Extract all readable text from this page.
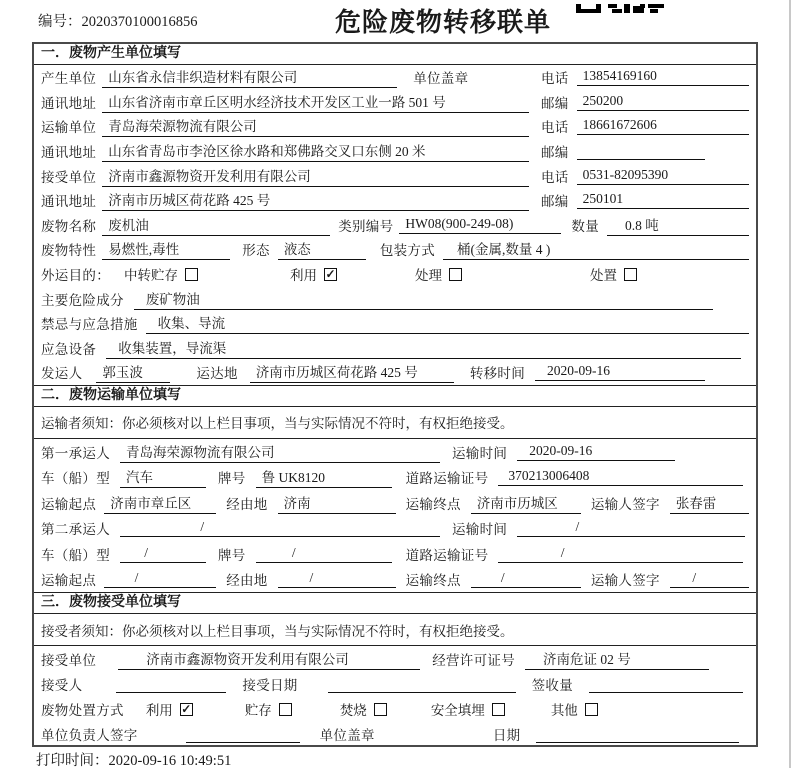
编号：2020370100016856	危险废物转移联单
一．废物产生单位填写
产生单位 山东省永信非织造材料有限公司	单位盖章	电话	13854169160
通讯地址 山东省济南市章丘区明水经济技术开发区工业一路 501 号	邮编	250200
运输单位 青岛海荣源物流有限公司	电话	18661672606
通讯地址 山东省青岛市李沧区徐水路和郑佛路交叉口东侧 20 米	邮编
接受单位 济南市鑫源物资开发利用有限公司	电话	0531-82095390
通讯地址 济南市历城区荷花路 425 号	邮编	250101
废物名称 废机油	类别编号 HW08(900-249-08)	数量	0.8 吨
废物特性 易燃性,毒性	形态	液态	包装方式	桶(金属,数量 4 )
外运目的： 中转贮存	利用 ✓	处理	处置
主要危险成分	废矿物油
禁忌与应急措施	收集、导流
应急设备	收集装置，导流渠
发运人	郭玉波	运达地	济南市历城区荷花路 425 号	转移时间	2020-09-16
二．废物运输单位填写
运输者须知：你必须核对以上栏目事项，当与实际情况不符时，有权拒绝接受。
第一承运人	青岛海荣源物流有限公司	运输时间	2020-09-16
车（船）型	汽车	牌号	鲁 UK8120	道路运输证号	370213006408
运输起点	济南市章丘区	经由地	济南	运输终点	济南市历城区	运输人签字	张春雷
第二承运人	/	运输时间	/
车（船）型	/	牌号	/	道路运输证号	/
运输起点	/	经由地	/	运输终点	/	运输人签字	/
三．废物接受单位填写
接受者须知：你必须核对以上栏目事项，当与实际情况不符时，有权拒绝接受。
接受单位	济南市鑫源物资开发利用有限公司	经营许可证号	济南危证 02 号
接受人	接受日期	签收量
废物处置方式 利用 ✓	贮存	焚烧	安全填埋	其他
单位负责人签字	单位盖章	日期
打印时间：2020-09-16 10:49:51
